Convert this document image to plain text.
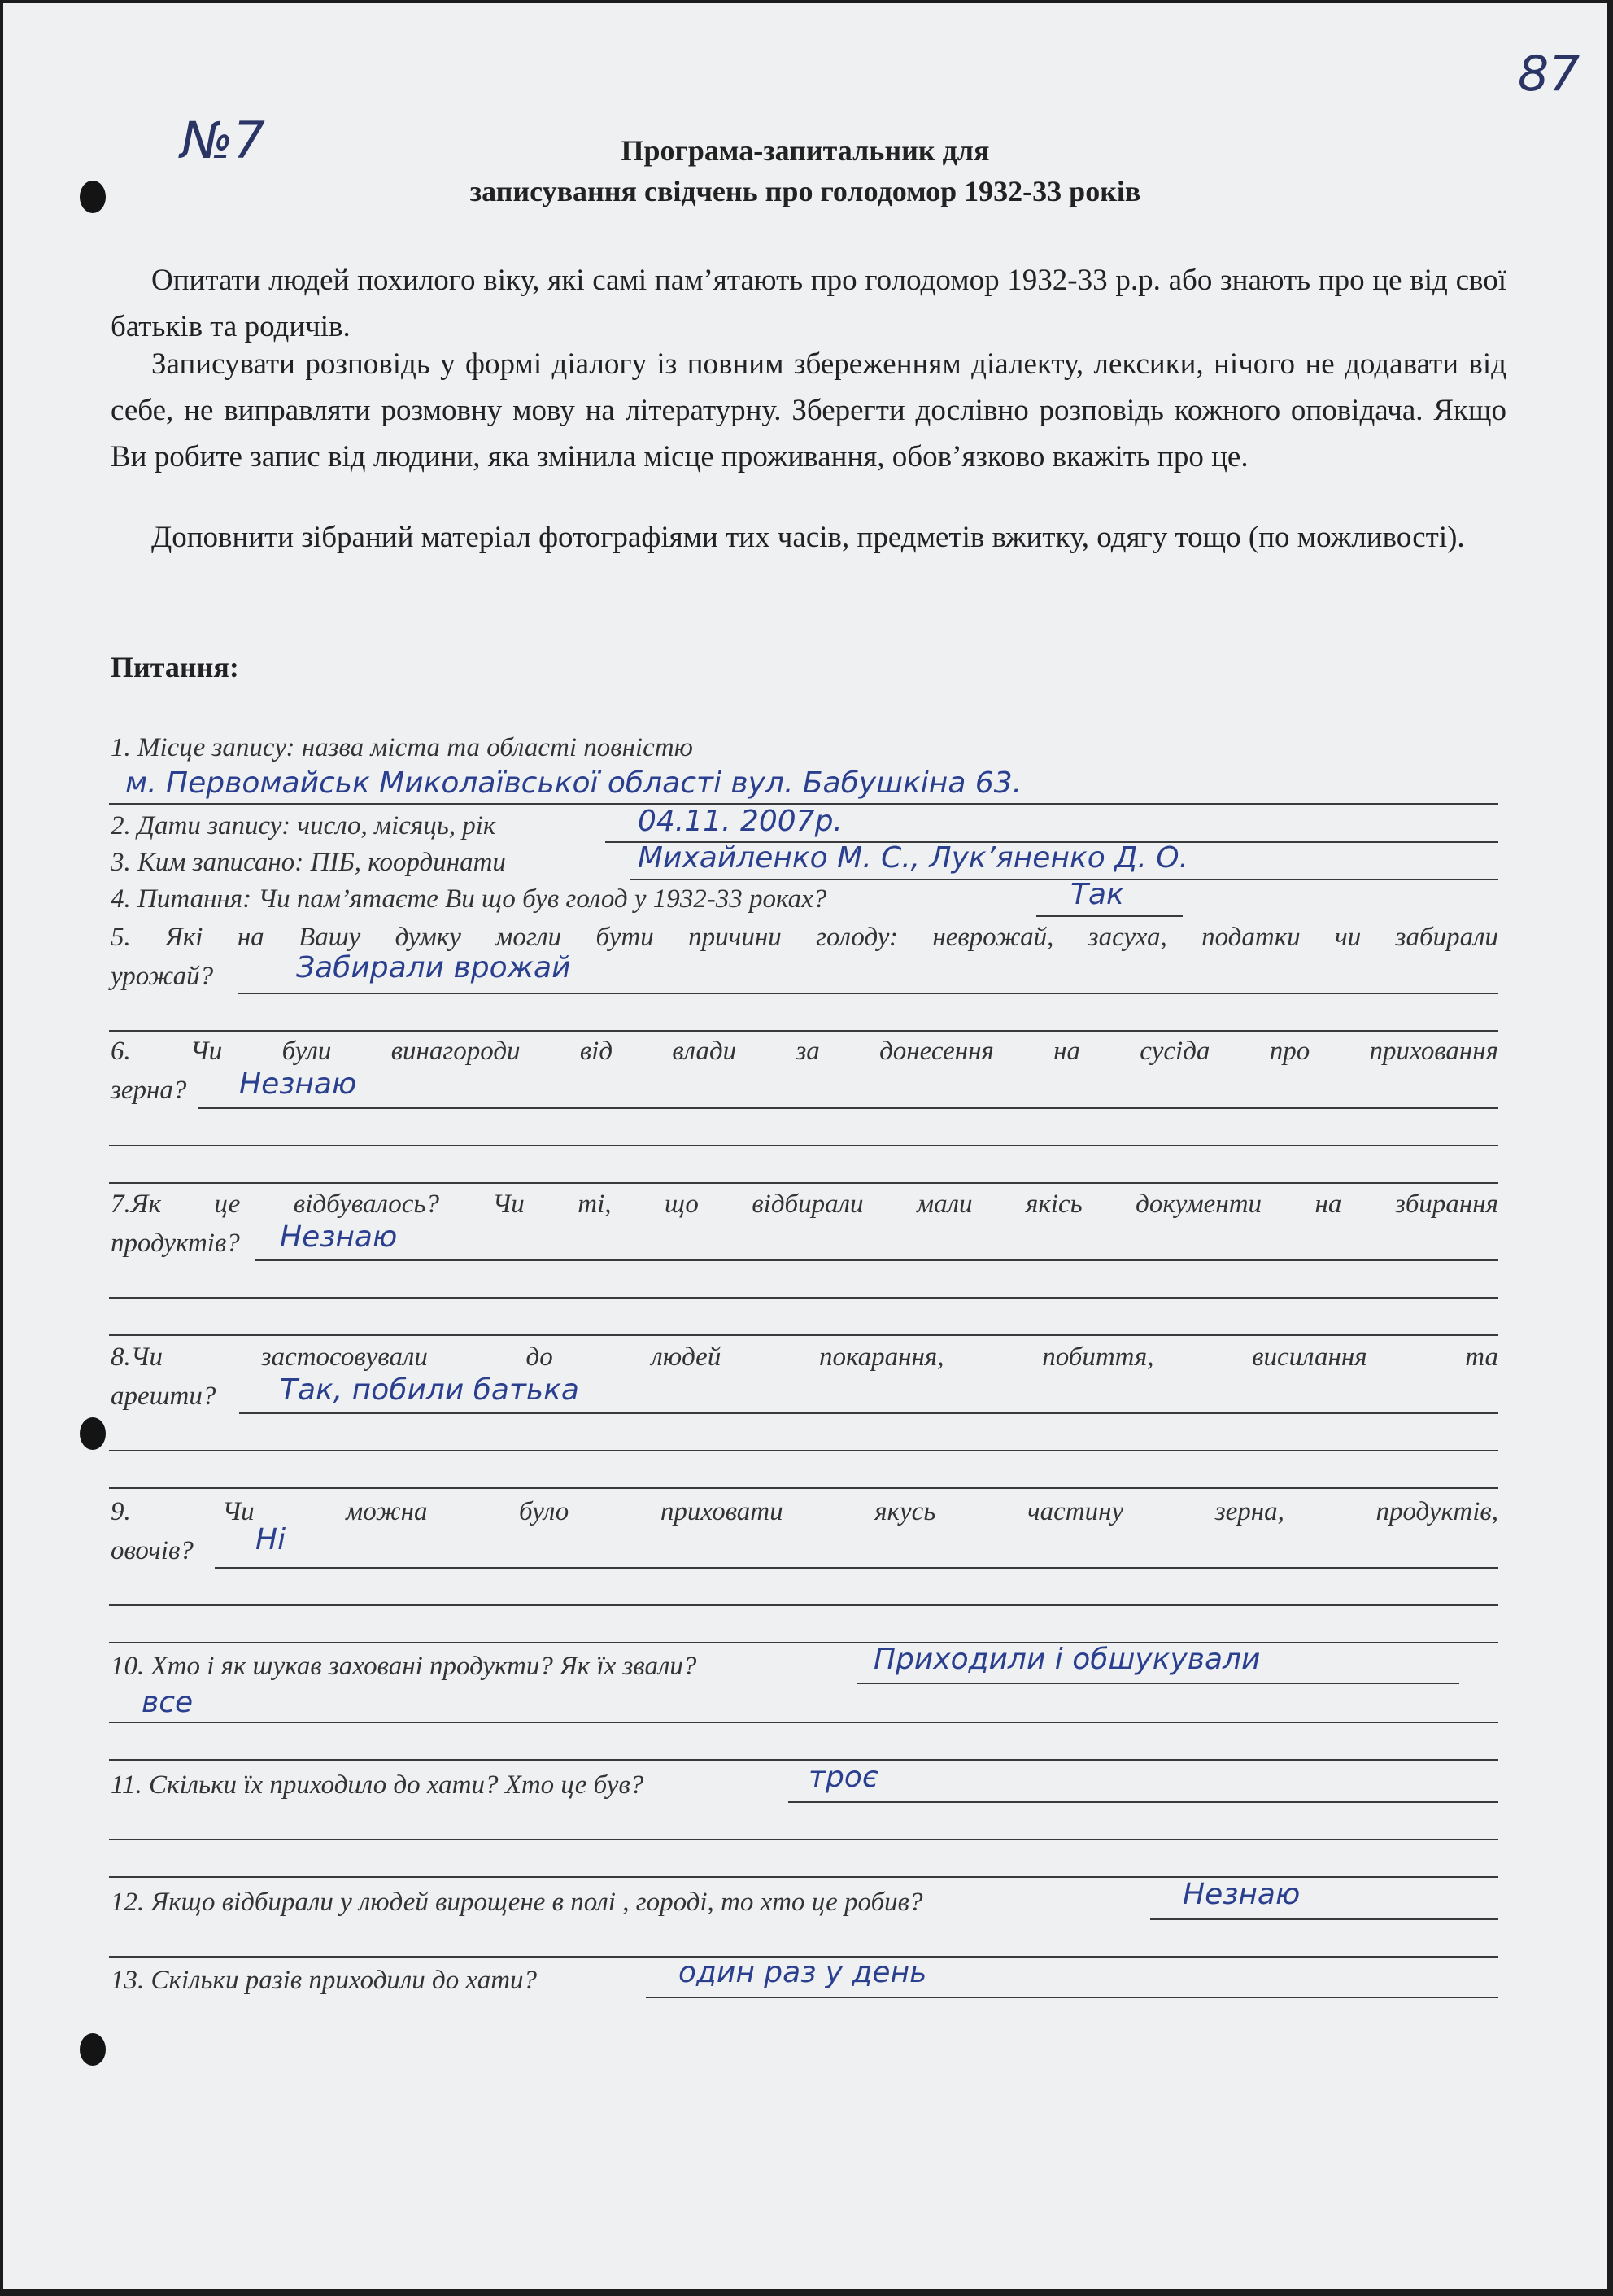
№7
87
Програма-запитальник для
записування свідчень про голодомор 1932-33 років

Опитати людей похилого віку, які самі пам’ятають про голодомор 1932-33 р.р. або знають про це від свої батьків та родичів.

Записувати розповідь у формі діалогу із повним збереженням діалекту, лексики, нічого не додавати від себе, не виправляти розмовну мову на літературну. Зберегти дослівно розповідь кожного оповідача. Якщо Ви робите запис від людини, яка змінила місце проживання, обов’язково вкажіть про це.

Доповнити зібраний матеріал фотографіями тих часів, предметів вжитку, одягу тощо (по можливості).

Питання:
1. Місце запису: назва міста та області повністю
м. Первомайськ Миколаївської області вул. Бабушкіна 63.
2. Дати запису: число, місяць, рік	04.11. 2007р.
3. Ким записано: ПІБ, координати	Михайленко М. С., Лук’яненко Д. О.
4. Питання: Чи пам’ятаєте Ви що був голод у 1932-33 роках?	Так
5. Які на Вашу думку могли бути причини голоду: неврожай, засуха, податки чи забирали
урожай?	Забирали врожай
6. Чи були винагороди від влади за донесення на сусіда про приховання
зерна?	Незнаю
7.Як це відбувалось? Чи ті, що відбирали мали якісь документи на збирання
продуктів?	Незнаю
8.Чи застосовували до людей покарання, побиття, висилання та
арешти?	Так, побили батька
9. Чи можна було приховати якусь частину зерна, продуктів,
овочів?	Ні
10. Хто і як шукав заховані продукти? Як їх звали?	Приходили і обшукували
все
11. Скільки їх приходило до хати? Хто це був?	троє
12. Якщо відбирали у людей вирощене в полі , городі, то хто це робив?	Незнаю
13. Скільки разів приходили до хати?	один раз у день
